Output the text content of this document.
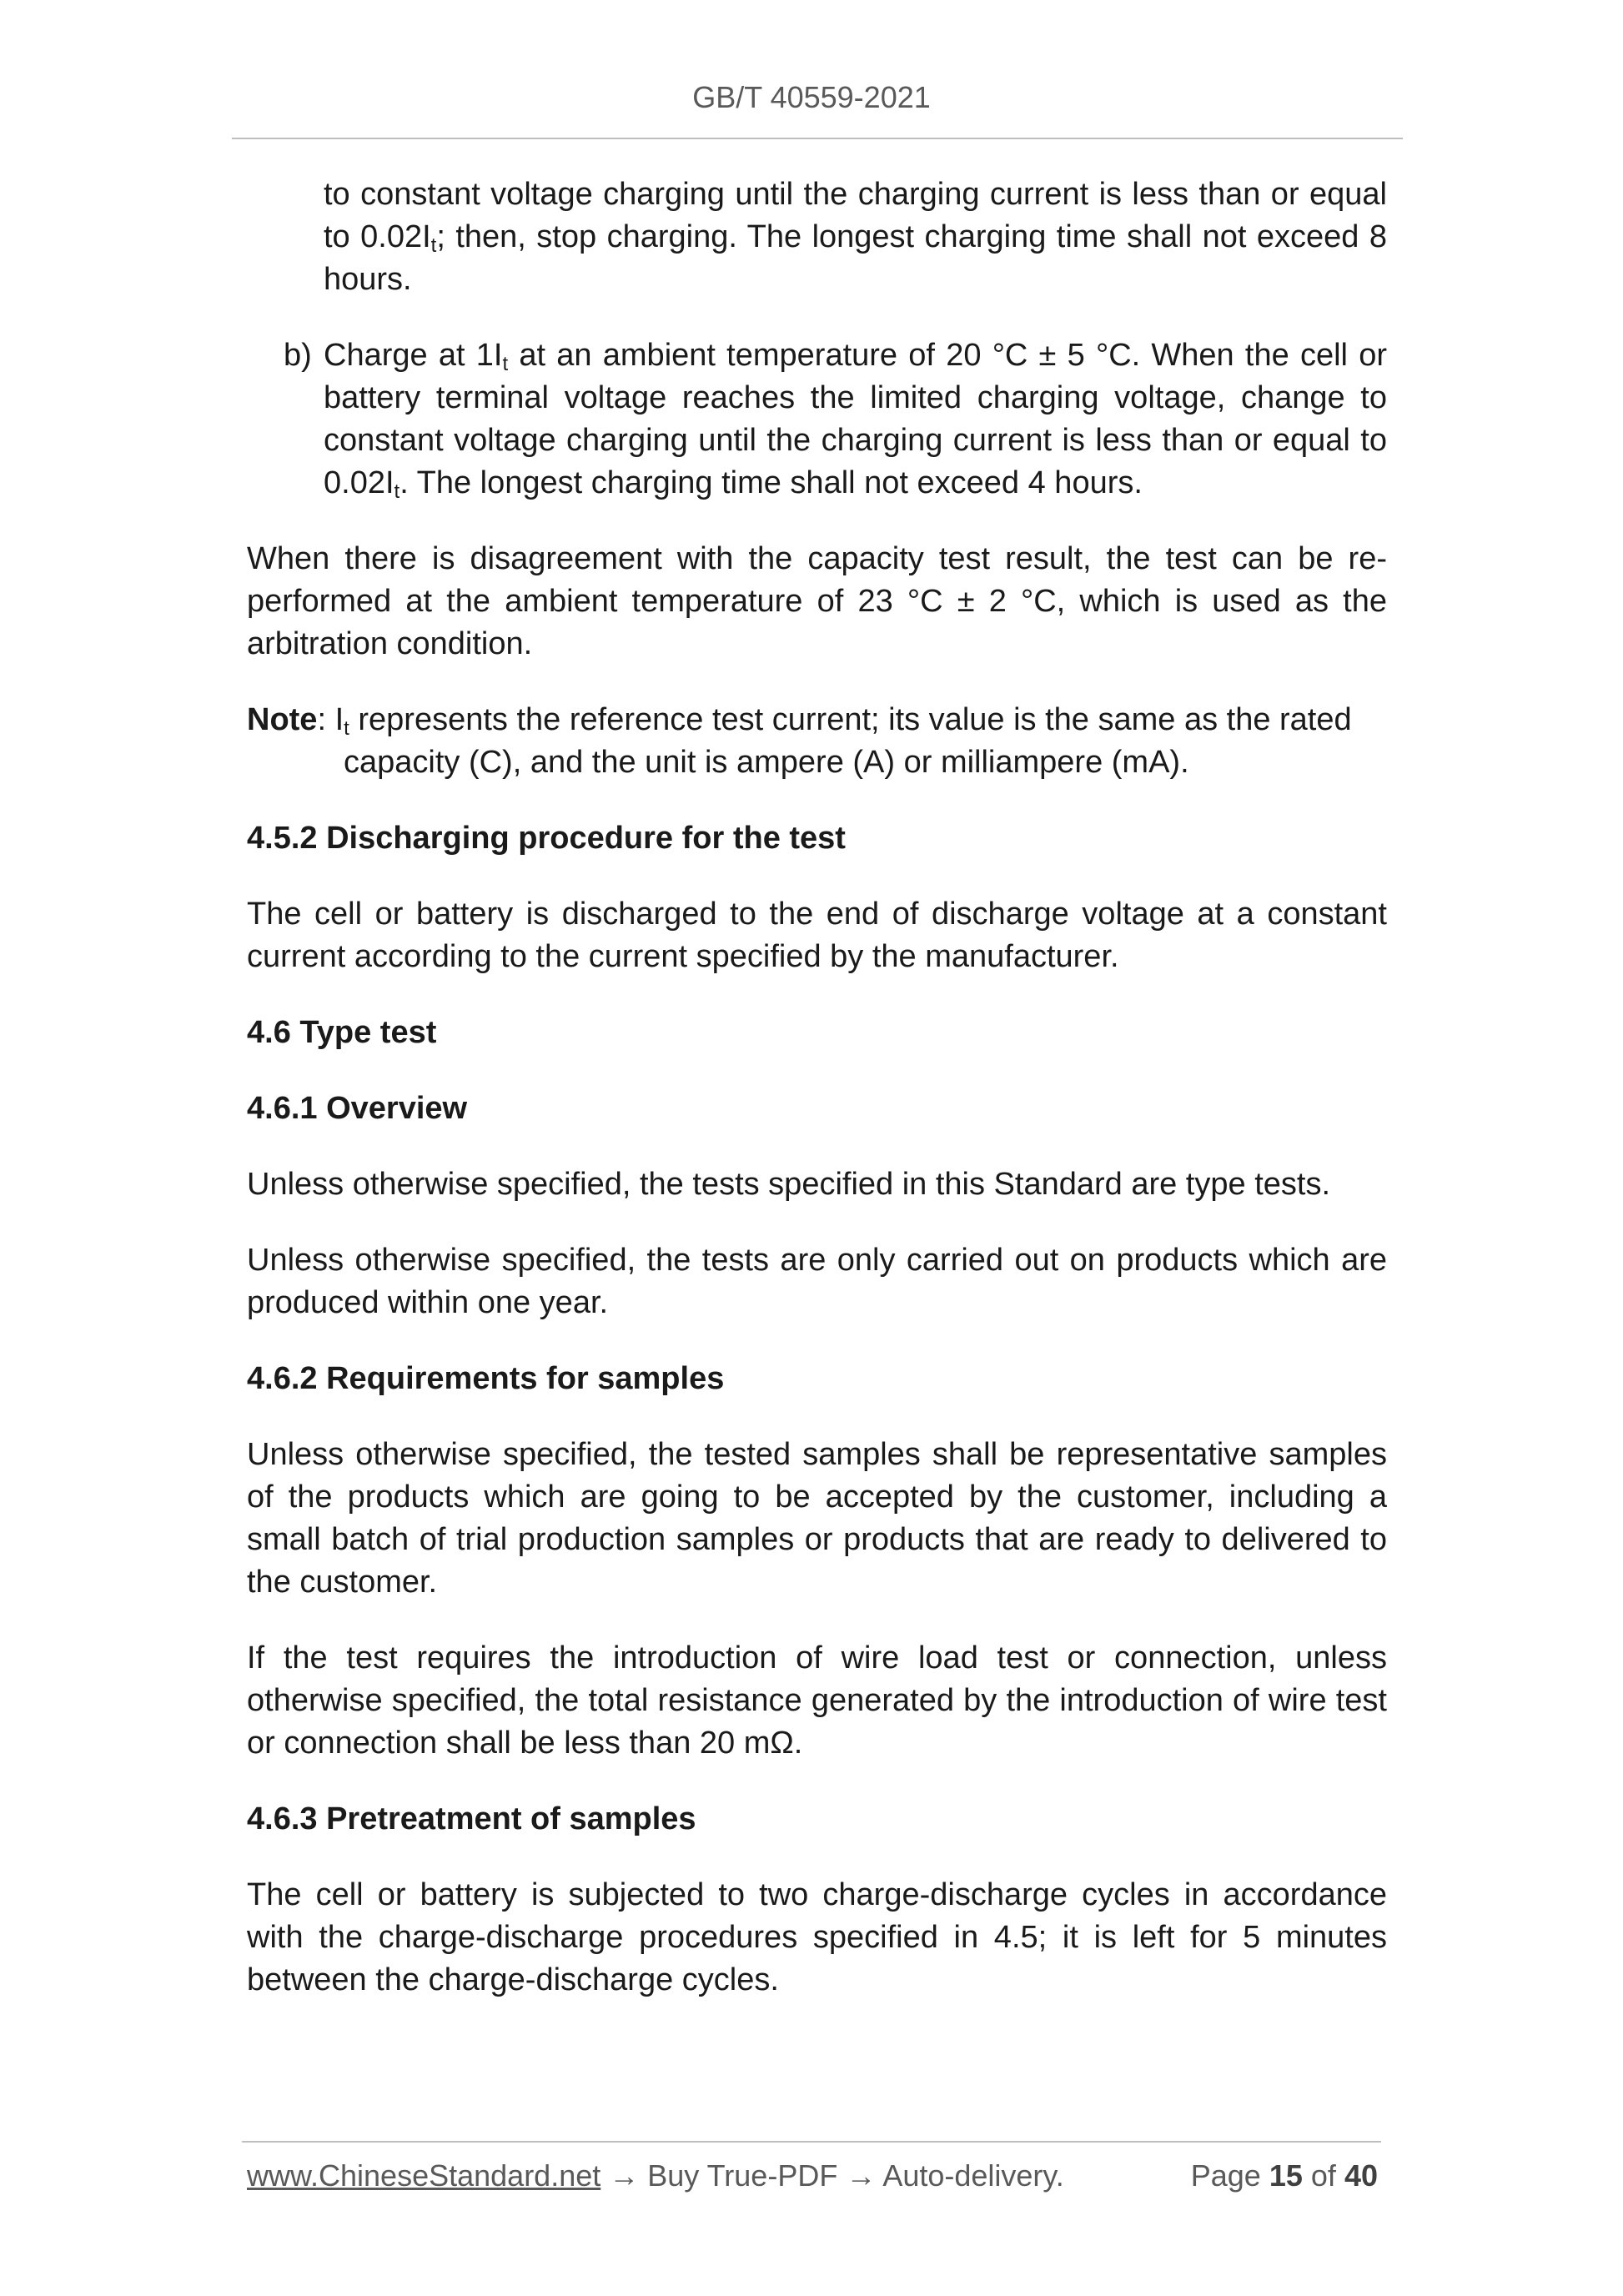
GB/T 40559-2021

to constant voltage charging until the charging current is less than or equal to $0.02I_t$; then, stop charging. The longest charging time shall not exceed 8 hours.

b) Charge at $1I_t$ at an ambient temperature of 20 °C ± 5 °C. When the cell or battery terminal voltage reaches the limited charging voltage, change to constant voltage charging until the charging current is less than or equal to $0.02I_t$. The longest charging time shall not exceed 4 hours.

When there is disagreement with the capacity test result, the test can be re-performed at the ambient temperature of 23 °C ± 2 °C, which is used as the arbitration condition.

Note: $I_t$ represents the reference test current; its value is the same as the rated
capacity (C), and the unit is ampere (A) or milliampere (mA).
4.5.2 Discharging procedure for the test

The cell or battery is discharged to the end of discharge voltage at a constant current according to the current specified by the manufacturer.

4.6 Type test
4.6.1 Overview

Unless otherwise specified, the tests specified in this Standard are type tests.

Unless otherwise specified, the tests are only carried out on products which are produced within one year.

4.6.2 Requirements for samples

Unless otherwise specified, the tested samples shall be representative samples of the products which are going to be accepted by the customer, including a small batch of trial production samples or products that are ready to delivered to the customer.

If the test requires the introduction of wire load test or connection, unless otherwise specified, the total resistance generated by the introduction of wire test or connection shall be less than 20 mΩ.

4.6.3 Pretreatment of samples

The cell or battery is subjected to two charge-discharge cycles in accordance with the charge-discharge procedures specified in 4.5; it is left for 5 minutes between the charge-discharge cycles.

www.ChineseStandard.net → Buy True-PDF → Auto-delivery.	Page 15 of 40
